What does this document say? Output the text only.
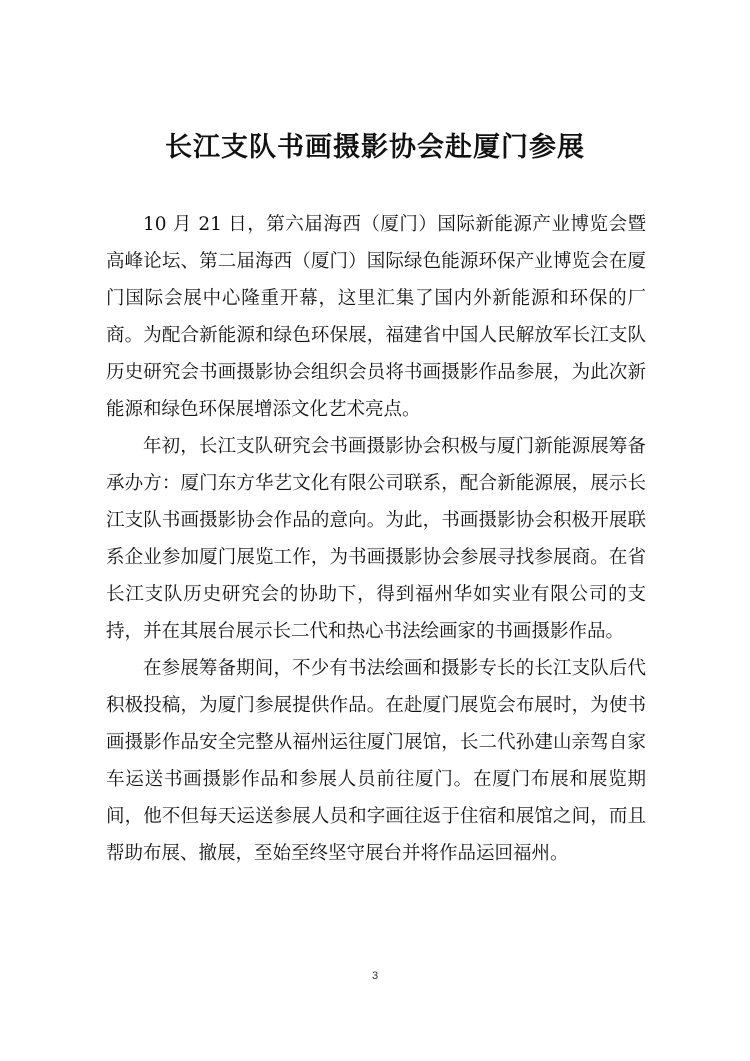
长江支队书画摄影协会赴厦门参展

10 月 21 日，第六届海西（厦门）国际新能源产业博览会暨高峰论坛、第二届海西（厦门）国际绿色能源环保产业博览会在厦门国际会展中心隆重开幕，这里汇集了国内外新能源和环保的厂商。为配合新能源和绿色环保展，福建省中国人民解放军长江支队历史研究会书画摄影协会组织会员将书画摄影作品参展，为此次新能源和绿色环保展增添文化艺术亮点。

年初，长江支队研究会书画摄影协会积极与厦门新能源展筹备承办方：厦门东方华艺文化有限公司联系，配合新能源展，展示长江支队书画摄影协会作品的意向。为此，书画摄影协会积极开展联系企业参加厦门展览工作，为书画摄影协会参展寻找参展商。在省长江支队历史研究会的协助下，得到福州华如实业有限公司的支持，并在其展台展示长二代和热心书法绘画家的书画摄影作品。

在参展筹备期间，不少有书法绘画和摄影专长的长江支队后代积极投稿，为厦门参展提供作品。在赴厦门展览会布展时，为使书画摄影作品安全完整从福州运往厦门展馆，长二代孙建山亲驾自家车运送书画摄影作品和参展人员前往厦门。在厦门布展和展览期间，他不但每天运送参展人员和字画往返于住宿和展馆之间，而且帮助布展、撤展，至始至终坚守展台并将作品运回福州。

3
